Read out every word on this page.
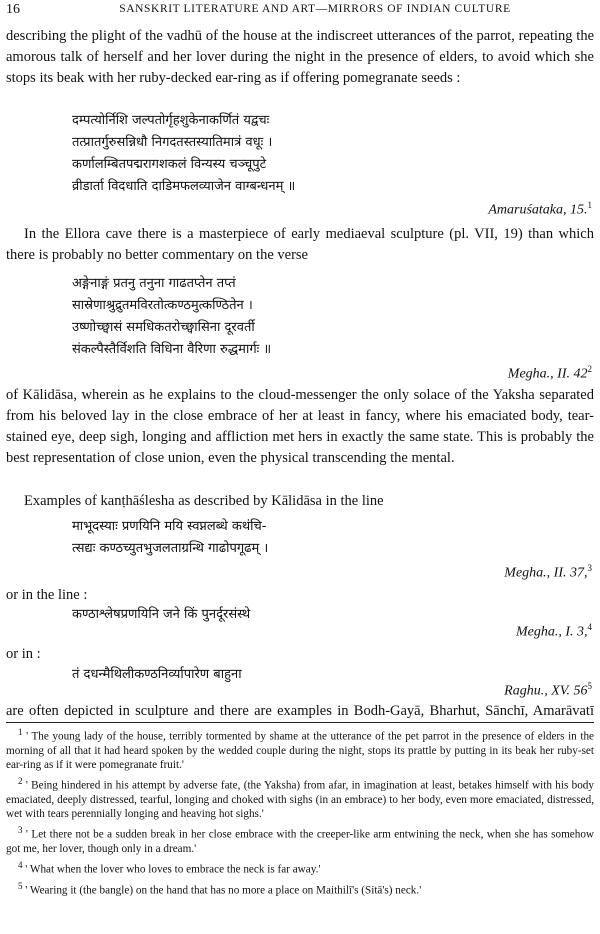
16	SANSKRIT LITERATURE AND ART—MIRRORS OF INDIAN CULTURE

describing the plight of the vadhū of the house at the indiscreet utterances of the parrot, repeating the amorous talk of herself and her lover during the night in the presence of elders, to avoid which she stops its beak with her ruby-decked ear-ring as if offering pomegranate seeds :

दम्पत्योर्निशि जल्पतोर्गृहशुकेनाकर्णितं यद्वचः
तत्प्रातर्गुरुसन्निधौ निगदतस्तस्यातिमात्रं वधूः ।
कर्णालम्बितपद्मरागशकलं विन्यस्य चञ्चूपुटे
व्रीडार्ता विदधाति दाडिमफलव्याजेन वाग्बन्धनम् ॥
Amaruśataka, 15.$^1$

In the Ellora cave there is a masterpiece of early mediaeval sculpture (pl. VII, 19) than which there is probably no better commentary on the verse

अङ्गेनाङ्गं प्रतनु तनुना गाढतप्तेन तप्तं
सास्रेणाश्रुद्रुतमविरतोत्कण्ठमुत्कण्ठितेन ।
उष्णोच्छ्वासं समधिकतरोच्छ्वासिना दूरवर्ती
संकल्पैस्तैर्विशति विधिना वैरिणा रुद्धमार्गः ॥
Megha., II. $42^2$

of Kālidāsa, wherein as he explains to the cloud-messenger the only solace of the Yaksha separated from his beloved lay in the close embrace of her at least in fancy, where his emaciated body, tear-stained eye, deep sigh, longing and affliction met hers in exactly the same state. This is probably the best representation of close union, even the physical transcending the mental.

Examples of kanṭhāślesha as described by Kālidāsa in the line

माभूदस्याः प्रणयिनि मयि स्वप्नलब्धे कथंचि-
त्सद्यः कण्ठच्युतभुजलताग्रन्थि गाढोपगूढम् ।
Megha., II. 37,$^3$
or in the line :
कण्ठाश्लेषप्रणयिनि जने किं पुनर्दूरसंस्थे
Megha., I. 3,$^4$
or in :
तं दधन्मैथिलीकण्ठनिर्व्यापारेण बाहुना
Raghu., XV. $56^5$

are often depicted in sculpture and there are examples in Bodh-Gayā, Bharhut, Sānchī, Amarāvatī

$^1$ ' The young lady of the house, terribly tormented by shame at the utterance of the pet parrot in the presence of elders in the morning of all that it had heard spoken by the wedded couple during the night, stops its prattle by putting in its beak her ruby-set ear-ring as if it were pomegranate fruit.'
$^2$ ' Being hindered in his attempt by adverse fate, (the Yaksha) from afar, in imagination at least, betakes himself with his body emaciated, deeply distressed, tearful, longing and choked with sighs (in an embrace) to her body, even more emaciated, distressed, wet with tears perennially longing and heaving hot sighs.'
$^3$ ' Let there not be a sudden break in her close embrace with the creeper-like arm entwining the neck, when she has somehow got me, her lover, though only in a dream.'
$^4$ ' What when the lover who loves to embrace the neck is far away.'
$^5$ ' Wearing it (the bangle) on the hand that has no more a place on Maithilī's (Sitā's) neck.'
